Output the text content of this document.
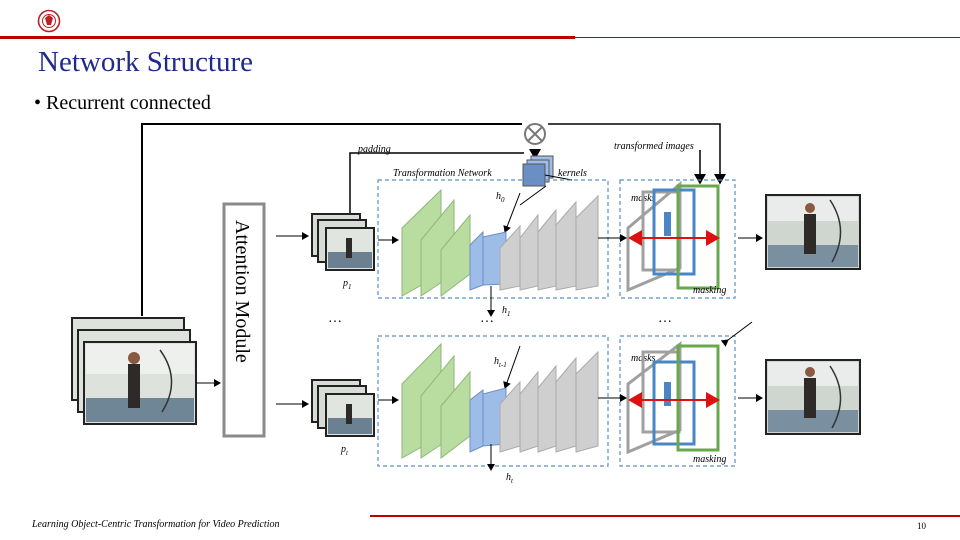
Network Structure
• Recurrent connected
padding	transformed images
kernels
Transformation Network
$h_0$	masks
masking
$p_1$
$h_1$
…	…	…
Attention Module	$h_{t-1}$
masks
masking
$p_t$
$h_t$
Learning Object-Centric Transformation for Video Prediction	10
